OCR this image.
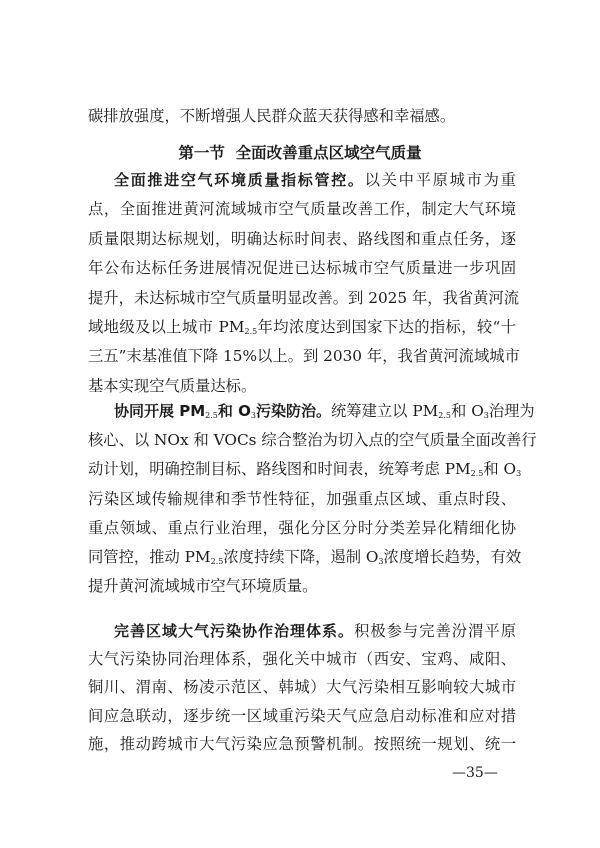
碳排放强度，不断增强人民群众蓝天获得感和幸福感。
第一节  全面改善重点区域空气质量
全面推进空气环境质量指标管控。以关中平原城市为重
点，全面推进黄河流域城市空气质量改善工作，制定大气环境
质量限期达标规划，明确达标时间表、路线图和重点任务，逐
年公布达标任务进展情况促进已达标城市空气质量进一步巩固
提升，未达标城市空气质量明显改善。到 2025 年，我省黄河流
域地级及以上城市 $PM_{2.5}$年均浓度达到国家下达的指标，较“十
三五”末基准值下降 15%以上。到 2030 年，我省黄河流域城市
基本实现空气质量达标。
协同开展 $PM_{2.5}$和 $O_3$污染防治。统筹建立以 $PM_{2.5}$和 $O_3$治理为
核心、以 NOx 和 VOCs 综合整治为切入点的空气质量全面改善行
动计划，明确控制目标、路线图和时间表，统筹考虑 $PM_{2.5}$和 $O_3$
污染区域传输规律和季节性特征，加强重点区域、重点时段、
重点领域、重点行业治理，强化分区分时分类差异化精细化协
同管控，推动 $PM_{2.5}$浓度持续下降，遏制 $O_3$浓度增长趋势，有效
提升黄河流域城市空气环境质量。
完善区域大气污染协作治理体系。积极参与完善汾渭平原
大气污染协同治理体系，强化关中城市（西安、宝鸡、咸阳、
铜川、渭南、杨凌示范区、韩城）大气污染相互影响较大城市
间应急联动，逐步统一区域重污染天气应急启动标准和应对措
施，推动跨城市大气污染应急预警机制。按照统一规划、统一
—35—
